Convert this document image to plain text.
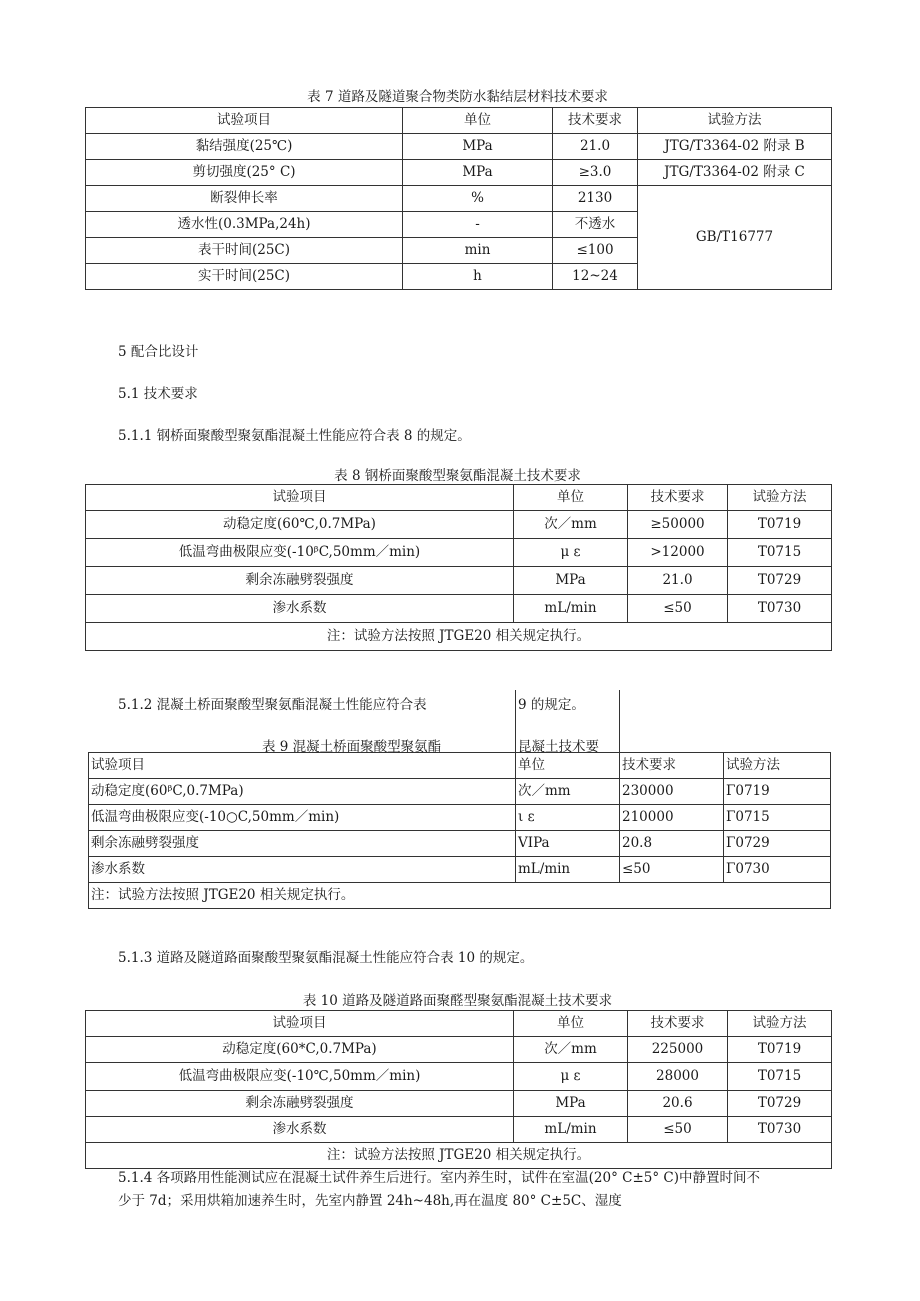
表 7 道路及隧道聚合物类防水黏结层材料技术要求
试验项目	单位	技术要求	试验方法
黏结强度(25℃)	MPa	21.0	JTG/T3364-02 附录 B
剪切强度(25° C)	MPa	≥3.0	JTG/T3364-02 附录 C
断裂伸长率	%	2130	GB/T16777
透水性(0.3MPa,24h)	-	不透水	
表干时间(25C)	min	≤100	
实干时间(25C)	h	12~24	
5 配合比设计
5.1 技术要求
5.1.1 钢桥面聚酸型聚氨酯混凝土性能应符合表 8 的规定。
表 8 钢桥面聚酸型聚氨酯混凝土技术要求
试验项目	单位	技术要求	试验方法
动稳定度(60℃,0.7MPa)	次／mm	≥50000	T0719
低温弯曲极限应变(-10ᵝC,50mm／min)	μ ε	>12000	T0715
剩余冻融劈裂强度	MPa	21.0	T0729
渗水系数	mL/min	≤50	T0730
注：试验方法按照 JTGE20 相关规定执行。			
5.1.2 混凝土桥面聚酸型聚氨酯混凝土性能应符合表	9 的规定。
表 9 混凝土桥面聚酸型聚氨酯	昆凝土技术要
试验项目	单位	技术要求	试验方法
动稳定度(60ᵝC,0.7MPa)	次／mm	230000	Γ0719
低温弯曲极限应变(-10○C,50mm／min)	ι ε	210000	Γ0715
剩余冻融劈裂强度	VIPa	20.8	Γ0729
渗水系数	mL/min	≤50	Γ0730
注：试验方法按照 JTGE20 相关规定执行。			
5.1.3 道路及隧道路面聚酸型聚氨酯混凝土性能应符合表 10 的规定。
表 10 道路及隧道路面聚醛型聚氨酯混凝土技术要求
试验项目	单位	技术要求	试验方法
动稳定度(60*C,0.7MPa)	次／mm	225000	T0719
低温弯曲极限应变(-10℃,50mm／min)	μ ε	28000	T0715
剩余冻融劈裂强度	MPa	20.6	T0729
渗水系数	mL/min	≤50	T0730
注：试验方法按照 JTGE20 相关规定执行。			
5.1.4 各项路用性能测试应在混凝土试件养生后进行。室内养生时，试件在室温(20° C±5° C)中静置时间不
少于 7d；采用烘箱加速养生时，先室内静置 24h~48h,再在温度 80° C±5C、湿度
